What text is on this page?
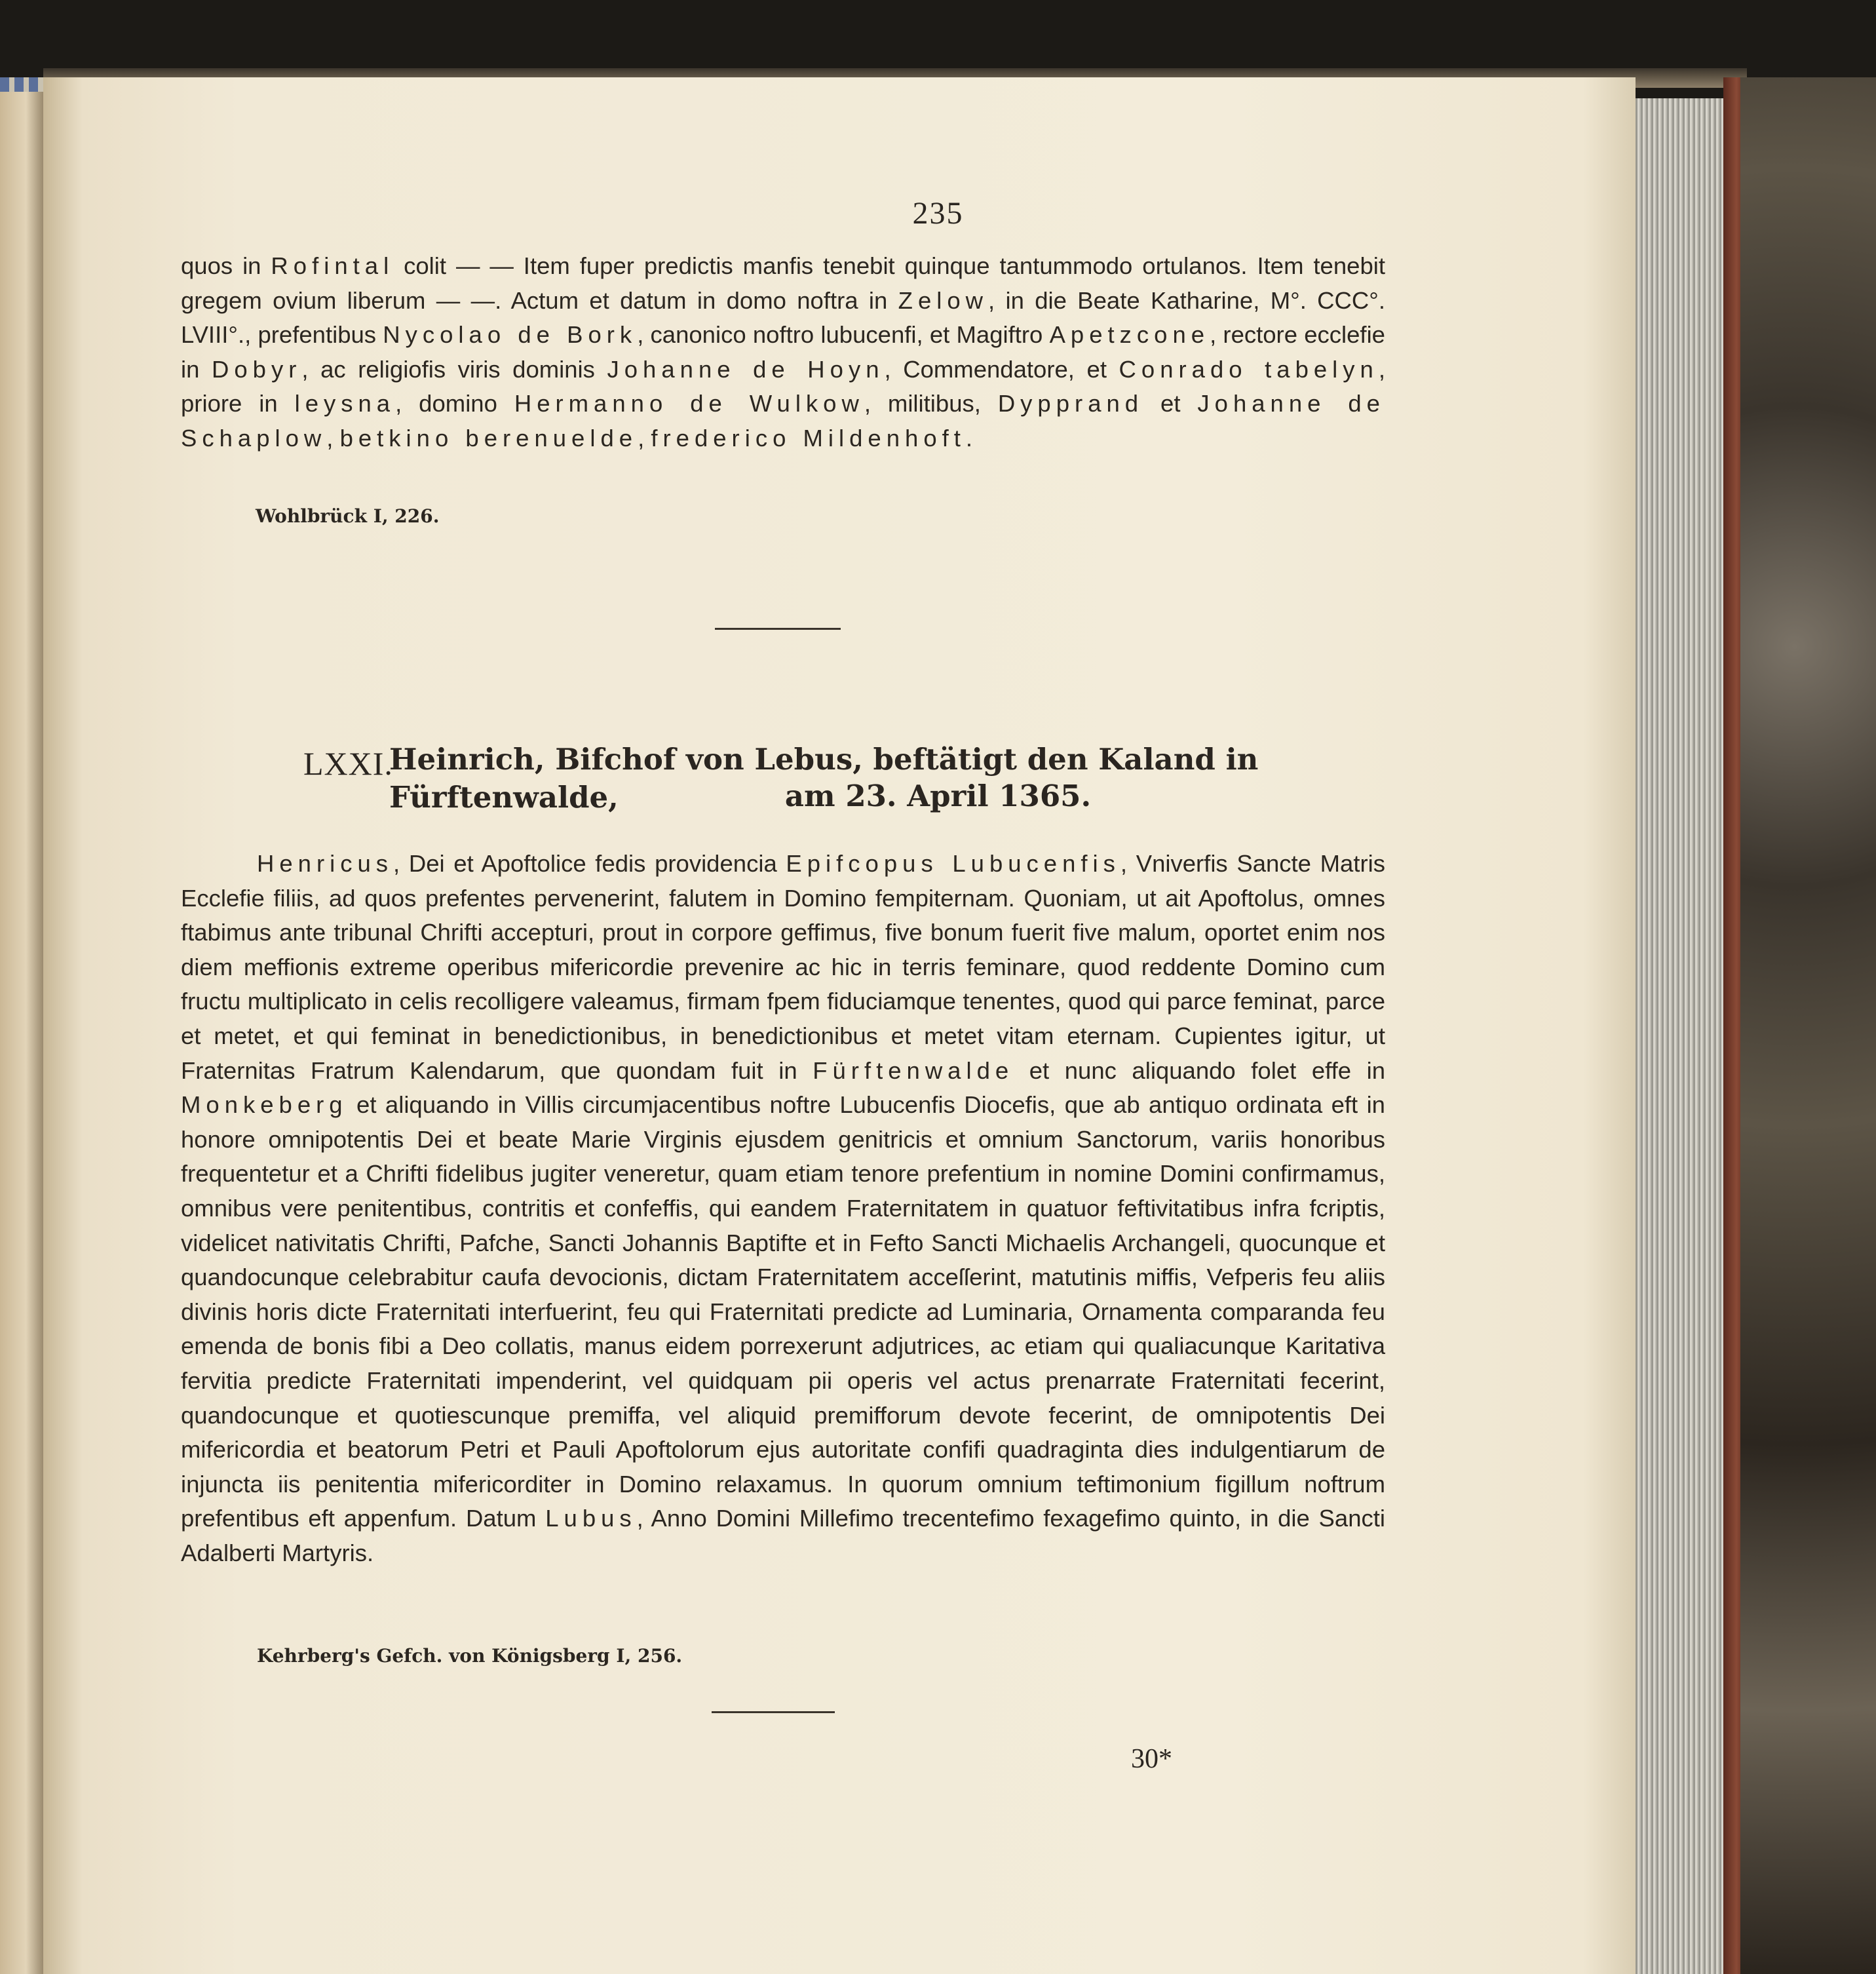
235
quos in Rofintal colit — — Item fuper predictis manfis tenebit quinque tantummodo ortulanos. Item tenebit gregem ovium liberum — —. Actum et datum in domo noftra in Zelow, in die Beate Katharine, M°. CCC°. LVIII°., prefentibus Nycolao de Bork, canonico noftro lubucenfi, et Magiftro Apetzcone, rectore ecclefie in Dobyr, ac religiofis viris dominis Johanne de Hoyn, Commendatore, et Conrado tabelyn, priore in leysna, domino Hermanno de Wulkow, militibus, Dypprand et Johanne de Schaplow, betkino berenuelde, frederico Mildenhoft.
Wohlbrück I, 226.
LXXI.
Heinrich, Bifchof von Lebus, beftätigt den Kaland in Fürftenwalde,	am 23. April 1365.
Henricus, Dei et Apoftolice fedis providencia Epifcopus Lubucenfis, Vniverfis Sancte Matris Ecclefie filiis, ad quos prefentes pervenerint, falutem in Domino fempiternam. Quoniam, ut ait Apoftolus, omnes ftabimus ante tribunal Chrifti accepturi, prout in corpore geffimus, five bonum fuerit five malum, oportet enim nos diem meffionis extreme operibus mifericordie prevenire ac hic in terris feminare, quod reddente Domino cum fructu multiplicato in celis recolligere valeamus, firmam fpem fiduciamque tenentes, quod qui parce feminat, parce et metet, et qui feminat in benedictionibus, in benedictionibus et metet vitam eternam. Cupientes igitur, ut Fraternitas Fratrum Kalendarum, que quondam fuit in Fürftenwalde et nunc aliquando folet effe in Monkeberg et aliquando in Villis circumjacentibus noftre Lubucenfis Diocefis, que ab antiquo ordinata eft in honore omnipotentis Dei et beate Marie Virginis ejusdem genitricis et omnium Sanctorum, variis honoribus frequentetur et a Chrifti fidelibus jugiter veneretur, quam etiam tenore prefentium in nomine Domini confirmamus, omnibus vere penitentibus, contritis et confeffis, qui eandem Fraternitatem in quatuor feftivitatibus infra fcriptis, videlicet nativitatis Chrifti, Pafche, Sancti Johannis Baptifte et in Fefto Sancti Michaelis Archangeli, quocunque et quandocunque celebrabitur caufa devocionis, dictam Fraternitatem acceſſerint, matutinis miffis, Vefperis feu aliis divinis horis dicte Fraternitati interfuerint, feu qui Fraternitati predicte ad Luminaria, Ornamenta comparanda feu emenda de bonis fibi a Deo collatis, manus eidem porrexerunt adjutrices, ac etiam qui qualiacunque Karitativa fervitia predicte Fraternitati impenderint, vel quidquam pii operis vel actus prenarrate Fraternitati fecerint, quandocunque et quotiescunque premiffa, vel aliquid premifforum devote fecerint, de omnipotentis Dei mifericordia et beatorum Petri et Pauli Apoftolorum ejus autoritate confifi quadraginta dies indulgentiarum de injuncta iis penitentia mifericorditer in Domino relaxamus. In quorum omnium teftimonium figillum noftrum prefentibus eft appenfum. Datum Lubus, Anno Domini Millefimo trecentefimo fexagefimo quinto, in die Sancti Adalberti Martyris.
Kehrberg's Gefch. von Königsberg I, 256.
30*
